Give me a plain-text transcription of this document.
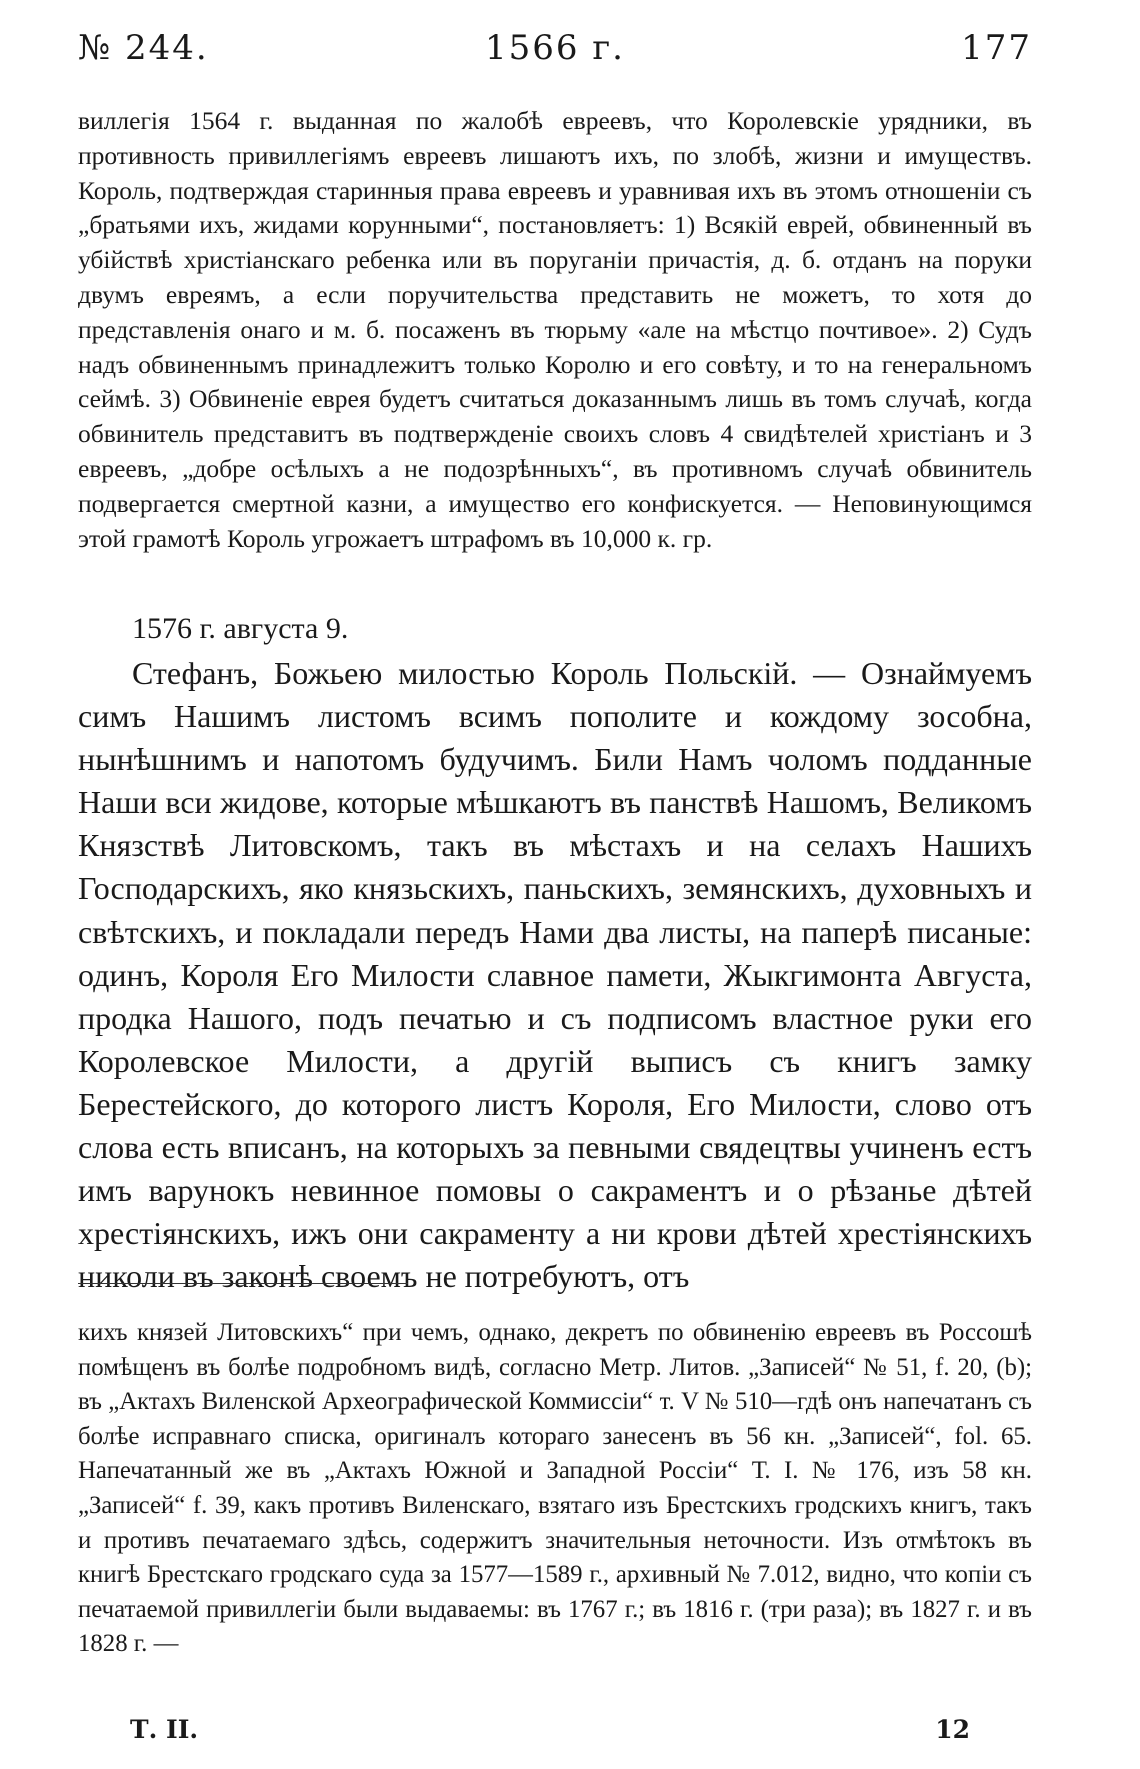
№ 244.	1566 г.	177

виллегія 1564 г. выданная по жалобѣ евреевъ, что Королевскіе урядники, въ противность привиллегіямъ евреевъ лишаютъ ихъ, по злобѣ, жизни и имуществъ. Король, подтверждая старинныя права евреевъ и уравнивая ихъ въ этомъ отношеніи съ „братьями ихъ, жидами корунными“, постановляетъ: 1) Всякій еврей, обвиненный въ убійствѣ христіанскаго ребенка или въ поруганіи причастія, д. б. отданъ на поруки двумъ евреямъ, а если поручительства представить не можетъ, то хотя до представленія онаго и м. б. посаженъ въ тюрьму «але на мѣстцо почтивое». 2) Судъ надъ обвиненнымъ принадлежитъ только Королю и его совѣту, и то на генеральномъ сеймѣ. 3) Обвиненіе еврея будетъ считаться доказаннымъ лишь въ томъ случаѣ, когда обвинитель представитъ въ подтвержденіе своихъ словъ 4 свидѣтелей христіанъ и 3 евреевъ, „добре осѣлыхъ а не подозрѣнныхъ“, въ противномъ случаѣ обвинитель подвергается смертной казни, а имущество его конфискуется. — Неповинующимся этой грамотѣ Король угрожаетъ штрафомъ въ 10,000 к. гр.

1576 г. августа 9.

Стефанъ, Божьею милостью Король Польскій. — Ознаймуемъ симъ Нашимъ листомъ всимъ пополите и кождому зособна, нынѣшнимъ и напотомъ будучимъ. Били Намъ чоломъ подданные Наши вси жидове, которые мѣшкаютъ въ панствѣ Нашомъ, Великомъ Князствѣ Литовскомъ, такъ въ мѣстахъ и на селахъ Нашихъ Господарскихъ, яко князьскихъ, паньскихъ, земянскихъ, духовныхъ и свѣтскихъ, и покладали передъ Нами два листы, на паперѣ писаные: одинъ, Короля Его Милости славное памети, Жыкгимонта Августа, продка Нашого, подъ печатью и съ подписомъ властное руки его Королевское Милости, а другій выписъ съ книгъ замку Берестейского, до которого листъ Короля, Его Милости, слово отъ слова есть вписанъ, на которыхъ за певными свядецтвы учиненъ естъ имъ варунокъ невинное помовы о сакраментъ и о рѣзанье дѣтей хрестіянскихъ, ижъ они сакраменту а ни крови дѣтей хрестіянскихъ николи въ законѣ своемъ не потребуютъ, отъ

кихъ князей Литовскихъ“ при чемъ, однако, декретъ по обвиненію евреевъ въ Россошѣ помѣщенъ въ болѣе подробномъ видѣ, согласно Метр. Литов. „Записей“ № 51, f. 20, (b); въ „Актахъ Виленской Археографической Коммиссіи“ т. V № 510—гдѣ онъ напечатанъ съ болѣе исправнаго списка, оригиналъ котораго занесенъ въ 56 кн. „Записей“, fol. 65. Напечатанный же въ „Актахъ Южной и Западной Россіи“ Т. I. № 176, изъ 58 кн. „Записей“ f. 39, какъ противъ Виленскаго, взятаго изъ Брестскихъ гродскихъ книгъ, такъ и противъ печатаемаго здѣсь, содержитъ значительныя неточности. Изъ отмѣтокъ въ книгѣ Брестскаго гродскаго суда за 1577—1589 г., архивный № 7.012, видно, что копіи съ печатаемой привиллегіи были выдаваемы: въ 1767 г.; въ 1816 г. (три раза); въ 1827 г. и въ 1828 г. —

Т. II.	12
